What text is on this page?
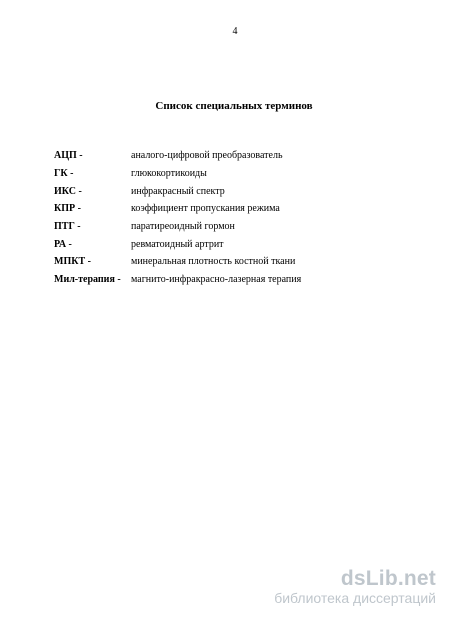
4
Список специальных терминов
АЦП -	аналого-цифровой преобразователь
ГК -	глюкокортикоиды
ИКС -	инфракрасный спектр
КПР -	коэффициент пропускания режима
ПТГ -	паратиреоидный гормон
РА -	ревматоидный артрит
МПКТ -	минеральная плотность костной ткани
Мил-терапия -	магнито-инфракрасно-лазерная терапия
dsLib.net
библиотека диссертаций
